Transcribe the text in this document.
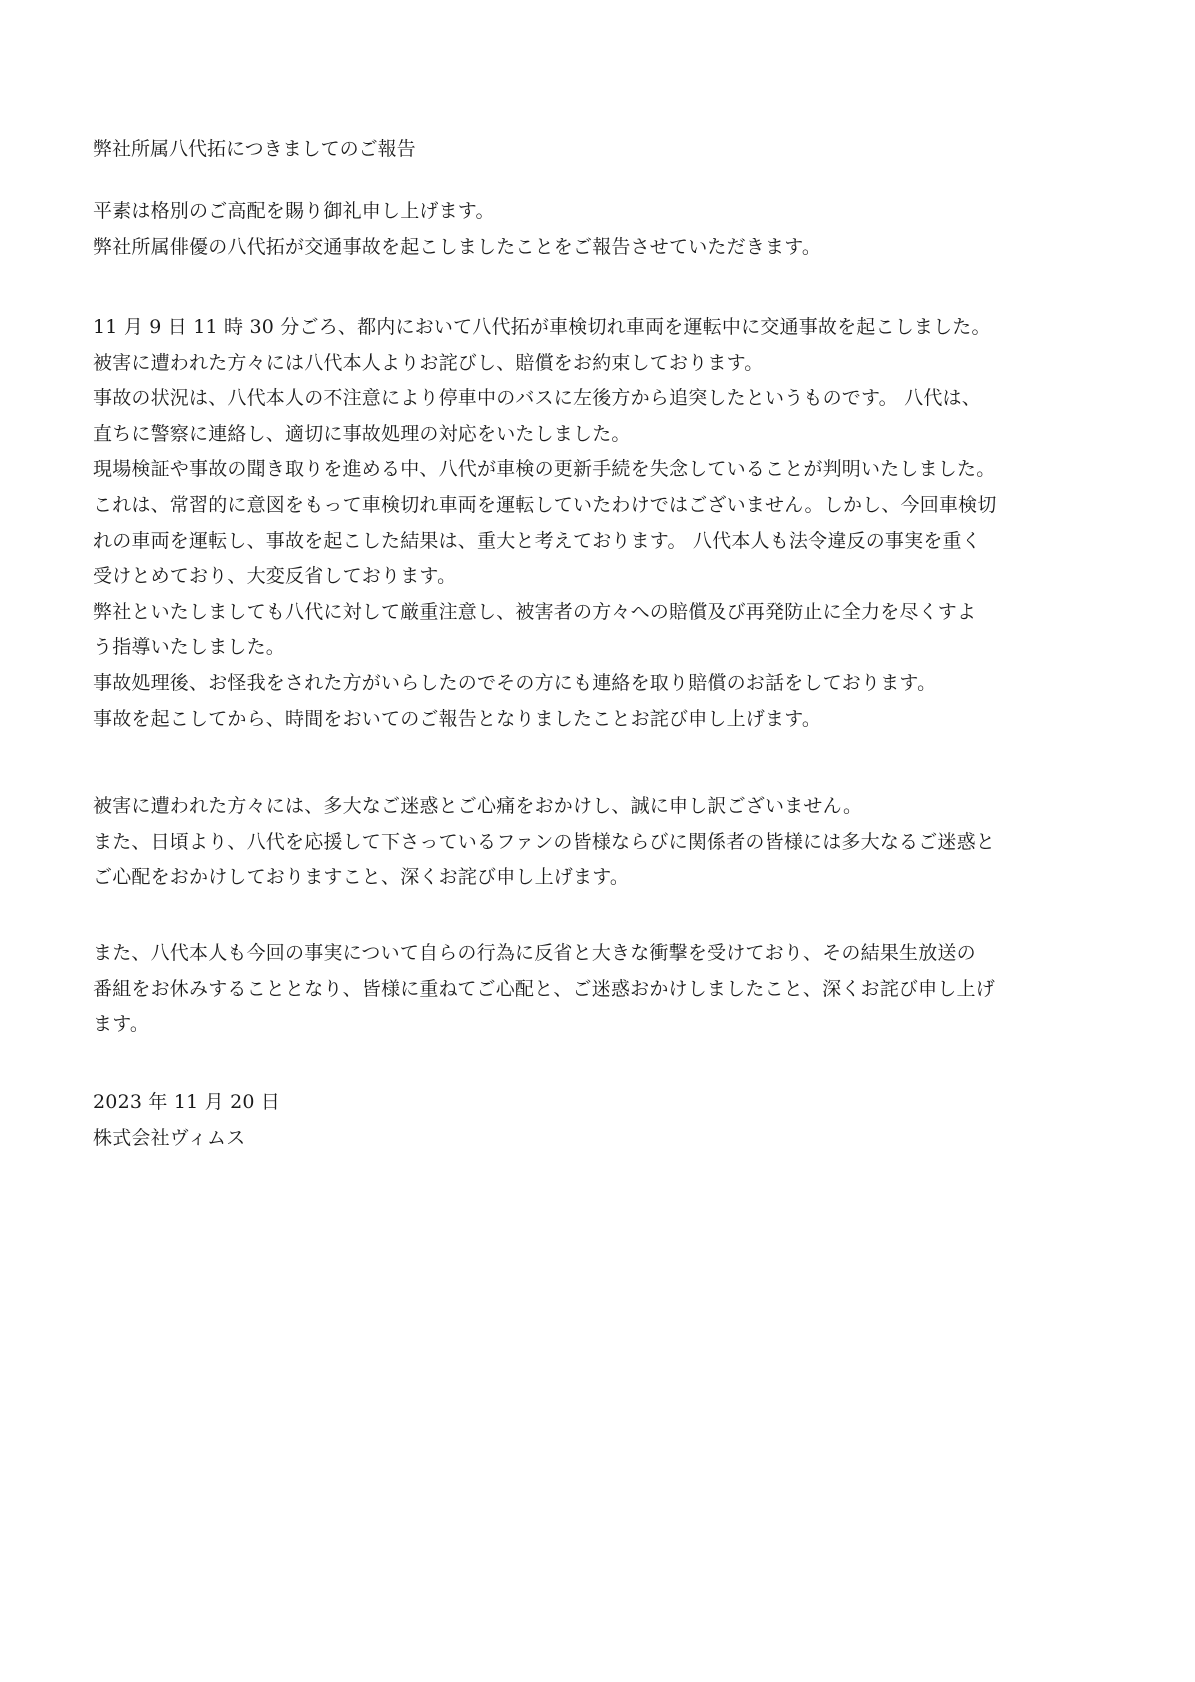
弊社所属八代拓につきましてのご報告
平素は格別のご高配を賜り御礼申し上げます。
弊社所属俳優の八代拓が交通事故を起こしましたことをご報告させていただきます。
11 月 9 日 11 時 30 分ごろ、都内において八代拓が車検切れ車両を運転中に交通事故を起こしました。
被害に遭われた方々には八代本人よりお詫びし、賠償をお約束しております。
事故の状況は、八代本人の不注意により停車中のバスに左後方から追突したというものです。 八代は、
直ちに警察に連絡し、適切に事故処理の対応をいたしました。
現場検証や事故の聞き取りを進める中、八代が車検の更新手続を失念していることが判明いたしました。
これは、常習的に意図をもって車検切れ車両を運転していたわけではございません。しかし、今回車検切
れの車両を運転し、事故を起こした結果は、重大と考えております。 八代本人も法令違反の事実を重く
受けとめており、大変反省しております。
弊社といたしましても八代に対して厳重注意し、被害者の方々への賠償及び再発防止に全力を尽くすよ
う指導いたしました。
事故処理後、お怪我をされた方がいらしたのでその方にも連絡を取り賠償のお話をしております。
事故を起こしてから、時間をおいてのご報告となりましたことお詫び申し上げます。
被害に遭われた方々には、多大なご迷惑とご心痛をおかけし、誠に申し訳ございません。
また、日頃より、八代を応援して下さっているファンの皆様ならびに関係者の皆様には多大なるご迷惑と
ご心配をおかけしておりますこと、深くお詫び申し上げます。
また、八代本人も今回の事実について自らの行為に反省と大きな衝撃を受けており、その結果生放送の
番組をお休みすることとなり、皆様に重ねてご心配と、ご迷惑おかけしましたこと、深くお詫び申し上げ
ます。
2023 年 11 月 20 日
株式会社ヴィムス
